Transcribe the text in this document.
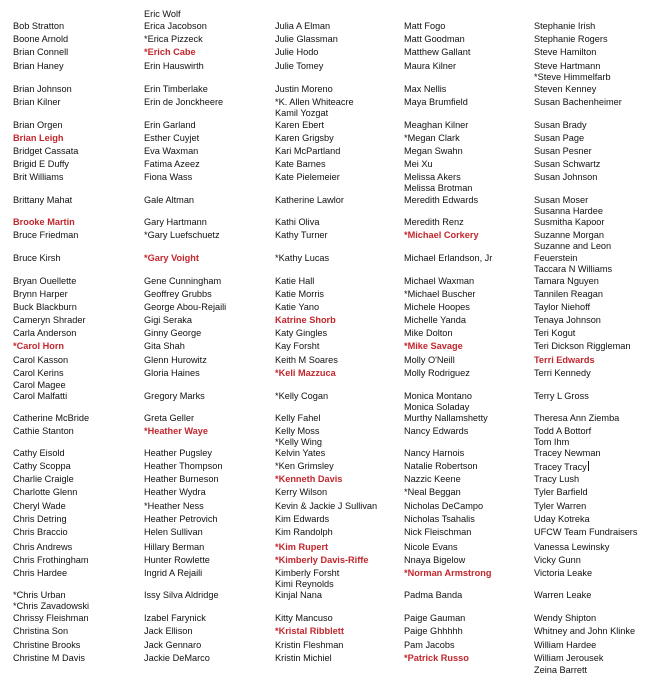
Bob Stratton
Boone Arnold
Brian Connell
Brian Haney
Brian Johnson
Brian Kilner
Brian Orgen
Brian Leigh
Bridget Cassata
Brigid E Duffy
Brit Williams
Brittany Mahat
Brooke Martin
Bruce Friedman
Bruce Kirsh
Bryan Ouellette
Brynn Harper
Buck Blackburn
Cameryn Shrader
Carla Anderson
*Carol Horn
Carol Kasson
Carol Kerins
Carol Magee
Carol Malfatti
Catherine McBride
Cathie Stanton
Cathy Eisold
Cathy Scoppa
Charlie Craigle
Charlotte Glenn
Cheryl Wade
Chris Detring
Chris Braccio
Chris Andrews
Chris Frothingham
Chris Hardee
*Chris Urban
*Chris Zavadowski
Chrissy Fleishman
Christina Son
Christine Brooks
Christine M Davis
Eric Wolf
Erica Jacobson
*Erica Pizzeck
*Erich Cabe
Erin Hauswirth
Erin Timberlake
Erin de Jonckheere
Erin Garland
Esther Cuyjet
Eva Waxman
Fatima Azeez
Fiona Wass
Gale Altman
Gary Hartmann
*Gary Luefschuetz
*Gary Voight
Gene Cunningham
Geoffrey Grubbs
George Abou-Rejaili
Gigi Seraka
Ginny George
Gita Shah
Glenn Hurowitz
Gloria Haines
Gregory Marks
Greta Geller
*Heather Waye
Heather Pugsley
Heather Thompson
Heather Burneson
Heather Wydra
*Heather Ness
Heather Petrovich
Helen Sullivan
Hillary Berman
Hunter Rowlette
Ingrid A Rejaili
Issy Silva Aldridge
Izabel Farynick
Jack Ellison
Jack Gennaro
Jackie DeMarco
Julia A Elman
Julie Glassman
Julie Hodo
Julie Tomey
Justin Moreno
*K. Allen Whiteacre
Kamil Yozgat
Karen Ebert
Karen Grigsby
Kari McPartland
Kate Barnes
Kate Pielemeier
Katherine Lawlor
Kathi Oliva
Kathy Turner
*Kathy Lucas
Katie Hall
Katie Morris
Katie Yano
Katrine Shorb
Katy Gingles
Kay Forsht
Keith M Soares
*Keli Mazzuca
*Kelly Cogan
Kelly Fahel
Kelly Moss
*Kelly Wing
Kelvin Yates
*Ken Grimsley
*Kenneth Davis
Kerry Wilson
Kevin & Jackie J Sullivan
Kim Edwards
Kim Randolph
*Kim Rupert
*Kimberly Davis-Riffe
Kimberly Forsht
Kimi Reynolds
Kinjal Nana
Kitty Mancuso
*Kristal Ribblett
Kristin Fleshman
Kristin Michiel
Matt Fogo
Matt Goodman
Matthew Gallant
Maura Kilner
Max Nellis
Maya Brumfield
Meaghan Kilner
*Megan Clark
Megan Swahn
Mei Xu
Melissa Akers
Melissa Brotman
Meredith Edwards
Meredith Renz
*Michael Corkery
Michael Erlandson, Jr
Michael Waxman
*Michael Buscher
Michele Hoopes
Michelle Yanda
Mike Dolton
*Mike Savage
Molly O'Neill
Molly Rodriguez
Monica Montano
Monica Soladay
Murthy Nallamshetty
Nancy Edwards
Nancy Harnois
Natalie Robertson
Nazzic Keene
*Neal Beggan
Nicholas DeCampo
Nicholas Tsahalis
Nick Fleischman
Nicole Evans
Nnaya Bigelow
*Norman Armstrong
Padma Banda
Paige Gauman
Paige Ghhhhh
Pam Jacobs
*Patrick Russo
Stephanie Irish
Stephanie Rogers
Steve Hamilton
Steve Hartmann
*Steve Himmelfarb
Steven Kenney
Susan Bachenheimer
Susan Brady
Susan Page
Susan Pesner
Susan Schwartz
Susan Johnson
Susan Moser
Susanna Hardee
Susmitha Kapoor
Suzanne Morgan
Suzanne and Leon
Feuerstein
Taccara N Williams
Tamara Nguyen
Tannilen Reagan
Taylor Niehoff
Tenaya Johnson
Teri Kogut
Teri Dickson Riggleman
Terri Edwards
Terri Kennedy
Terry L Gross
Theresa Ann Ziemba
Todd A Bottorf
Tom Ihm
Tracey Newman
Tracey Tracy
Tracy Lush
Tyler Barfield
Tyler Warren
Uday Kotreka
UFCW Team Fundraisers
Vanessa Lewinsky
Vicky Gunn
Victoria Leake
Warren Leake
Wendy Shipton
Whitney and John Klinke
William Hardee
William Jerousek
Zeina Barrett
